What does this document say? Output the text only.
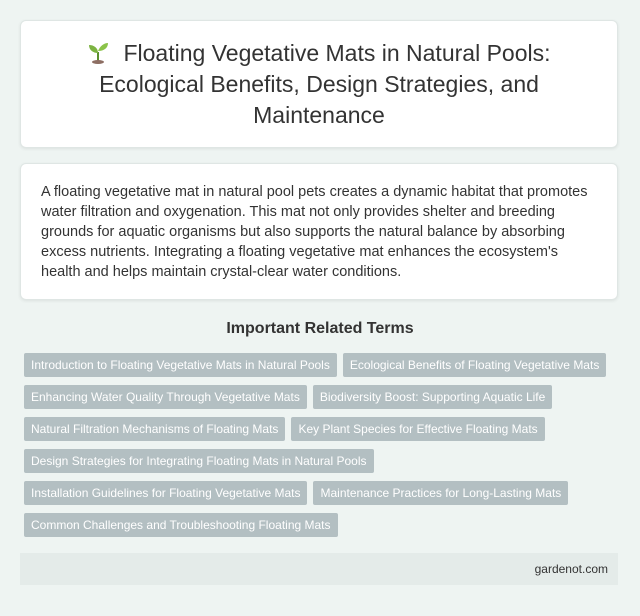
Floating Vegetative Mats in Natural Pools: Ecological Benefits, Design Strategies, and Maintenance

A floating vegetative mat in natural pool pets creates a dynamic habitat that promotes water filtration and oxygenation. This mat not only provides shelter and breeding grounds for aquatic organisms but also supports the natural balance by absorbing excess nutrients. Integrating a floating vegetative mat enhances the ecosystem's health and helps maintain crystal-clear water conditions.

Important Related Terms
Introduction to Floating Vegetative Mats in Natural Pools	Ecological Benefits of Floating Vegetative Mats
Enhancing Water Quality Through Vegetative Mats	Biodiversity Boost: Supporting Aquatic Life
Natural Filtration Mechanisms of Floating Mats	Key Plant Species for Effective Floating Mats
Design Strategies for Integrating Floating Mats in Natural Pools
Installation Guidelines for Floating Vegetative Mats	Maintenance Practices for Long-Lasting Mats
Common Challenges and Troubleshooting Floating Mats
gardenot.com
